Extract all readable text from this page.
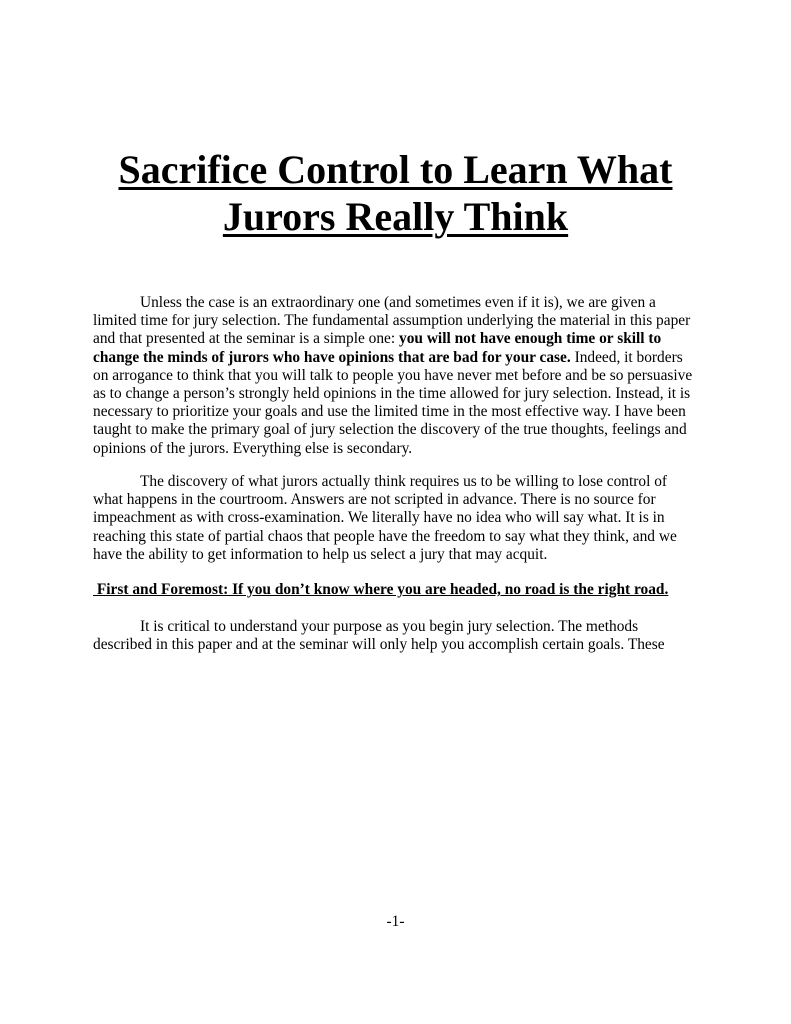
Sacrifice Control to Learn What
Jurors Really Think

Unless the case is an extraordinary one (and sometimes even if it is), we are given a limited time for jury selection. The fundamental assumption underlying the material in this paper and that presented at the seminar is a simple one: you will not have enough time or skill to change the minds of jurors who have opinions that are bad for your case. Indeed, it borders on arrogance to think that you will talk to people you have never met before and be so persuasive as to change a person’s strongly held opinions in the time allowed for jury selection. Instead, it is necessary to prioritize your goals and use the limited time in the most effective way. I have been taught to make the primary goal of jury selection the discovery of the true thoughts, feelings and opinions of the jurors. Everything else is secondary.

The discovery of what jurors actually think requires us to be willing to lose control of what happens in the courtroom. Answers are not scripted in advance. There is no source for impeachment as with cross-examination. We literally have no idea who will say what. It is in reaching this state of partial chaos that people have the freedom to say what they think, and we have the ability to get information to help us select a jury that may acquit.

First and Foremost: If you don’t know where you are headed, no road is the right road.

It is critical to understand your purpose as you begin jury selection. The methods described in this paper and at the seminar will only help you accomplish certain goals. These

-1-
